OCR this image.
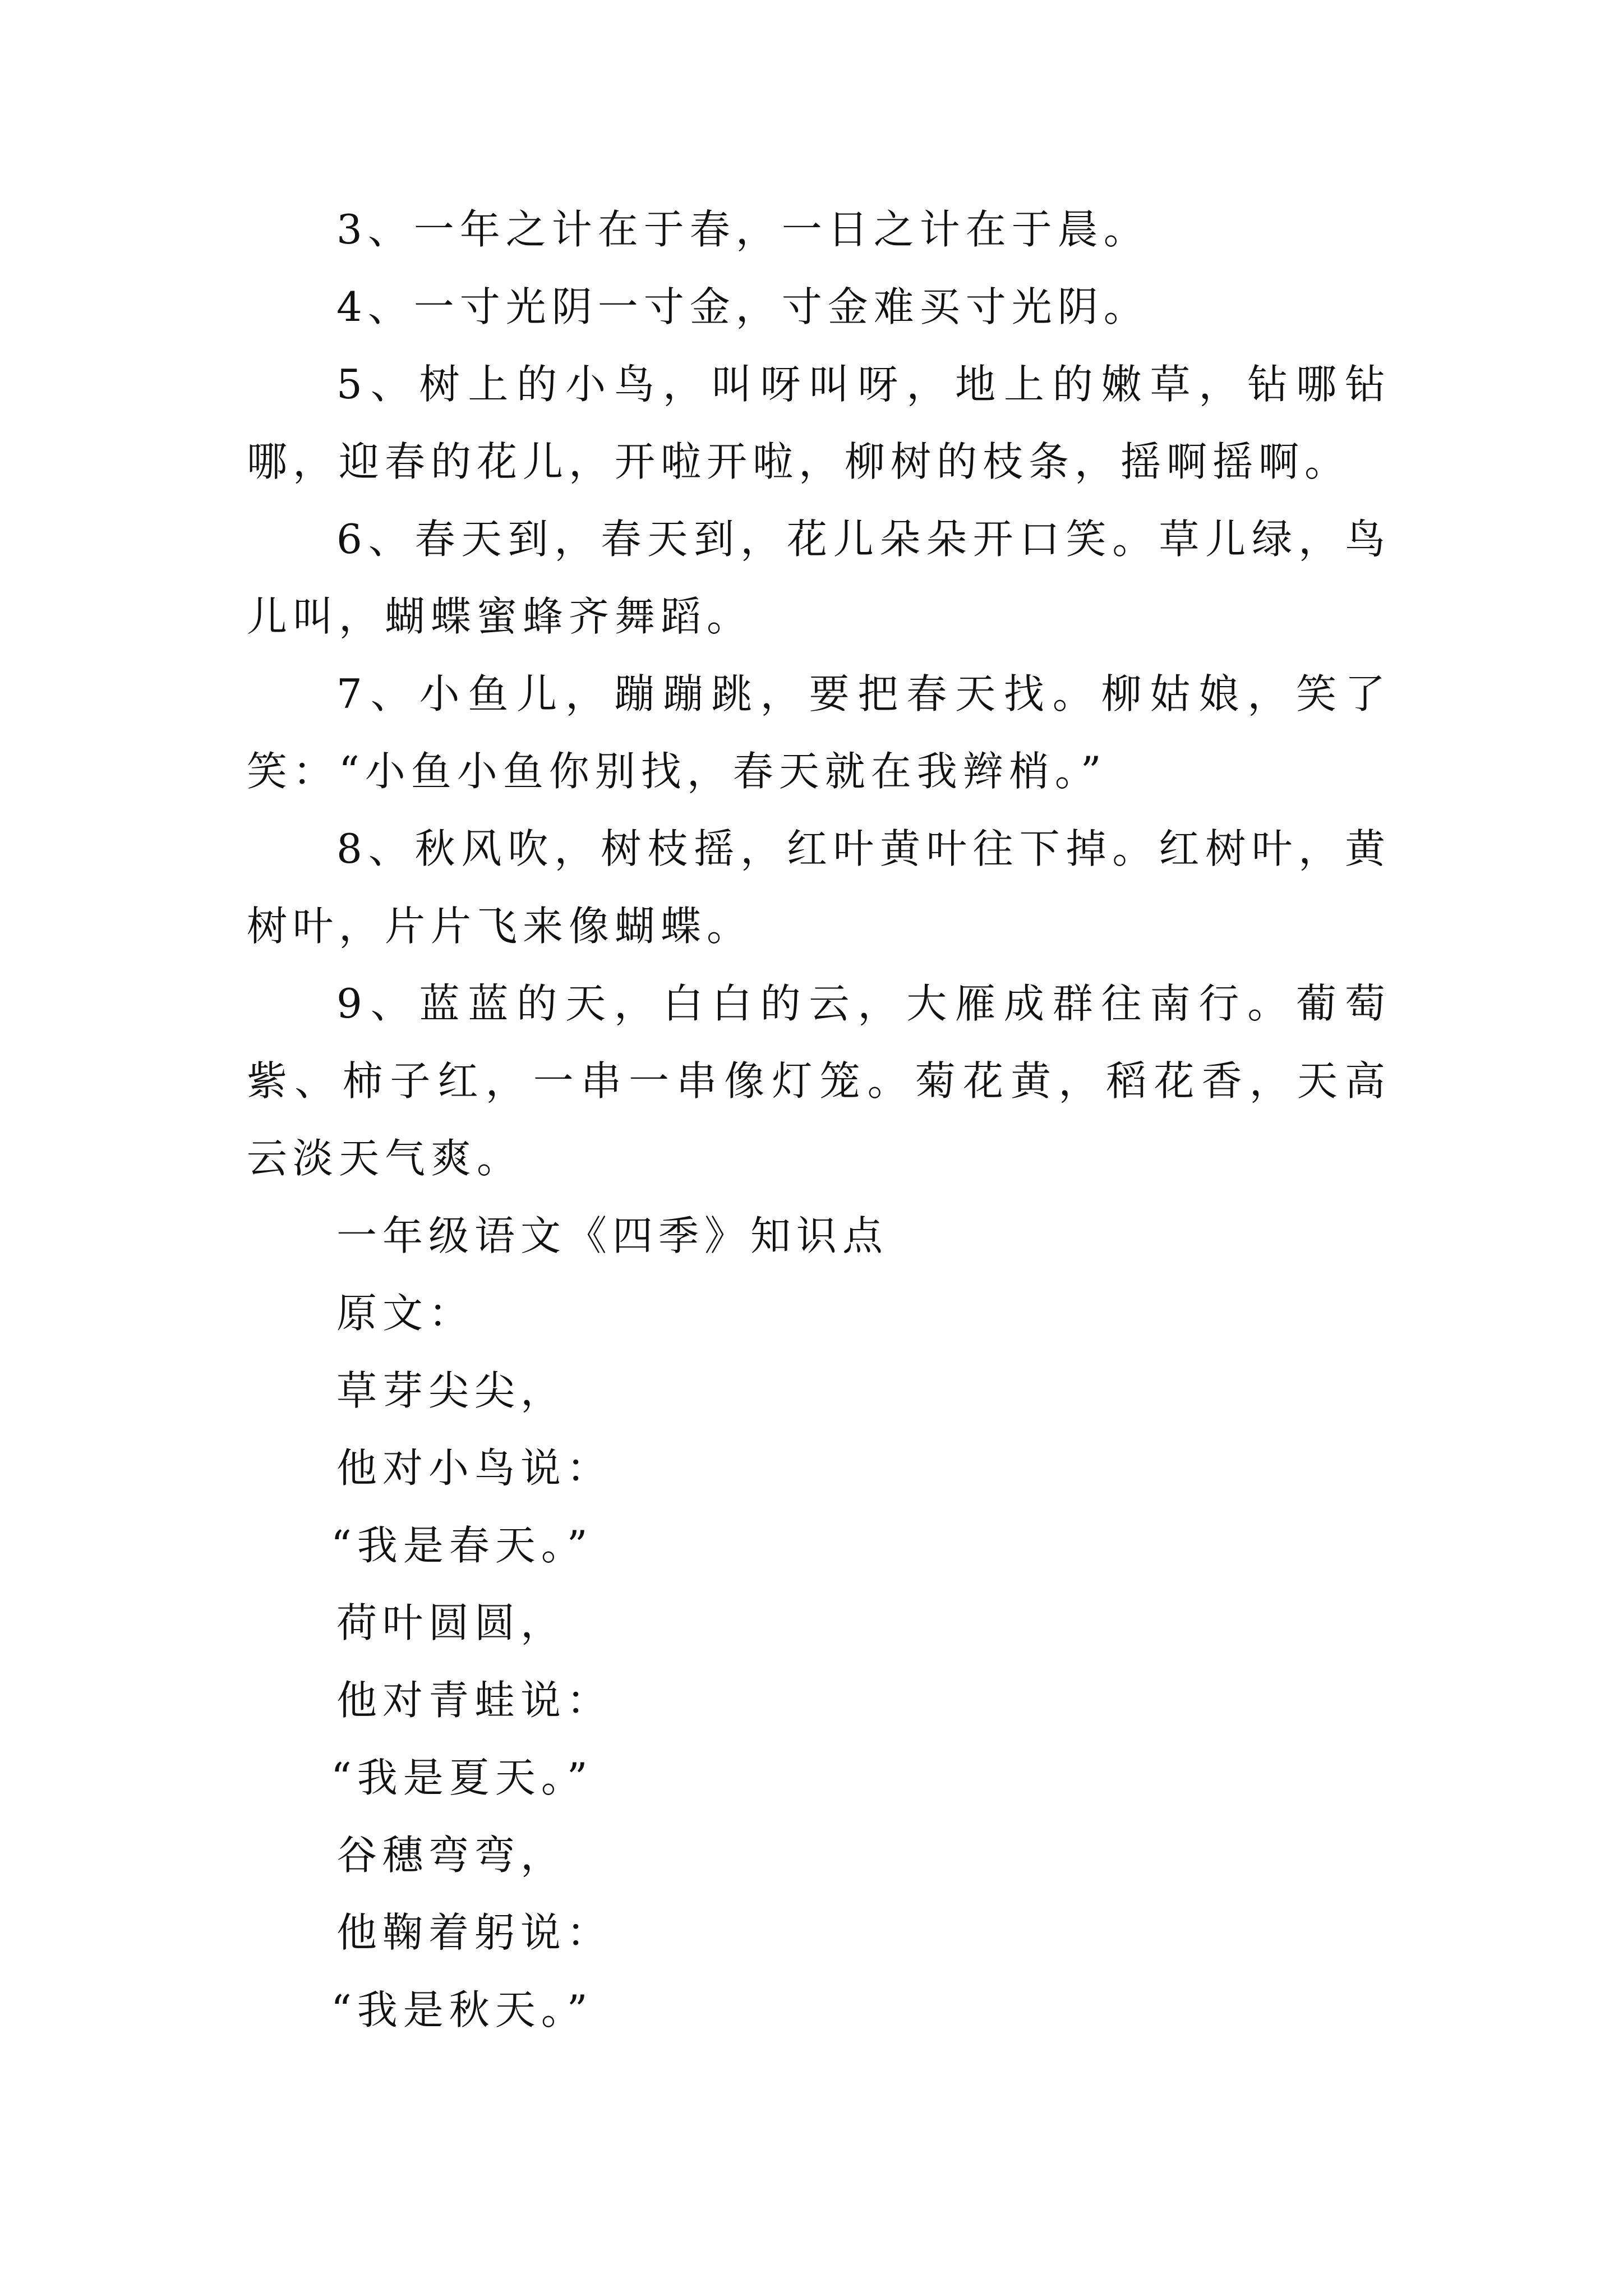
3、一年之计在于春，一日之计在于晨。

4、一寸光阴一寸金，寸金难买寸光阴。

5、树上的小鸟，叫呀叫呀，地上的嫩草，钻哪钻哪，迎春的花儿，开啦开啦，柳树的枝条，摇啊摇啊。

6、春天到，春天到，花儿朵朵开口笑。草儿绿，鸟儿叫，蝴蝶蜜蜂齐舞蹈。

7、小鱼儿，蹦蹦跳，要把春天找。柳姑娘，笑了笑：“小鱼小鱼你别找，春天就在我辫梢。”

8、秋风吹，树枝摇，红叶黄叶往下掉。红树叶，黄树叶，片片飞来像蝴蝶。

9、蓝蓝的天，白白的云，大雁成群往南行。葡萄紫、柿子红，一串一串像灯笼。菊花黄，稻花香，天高云淡天气爽。

一年级语文《四季》知识点

原文：

草芽尖尖，

他对小鸟说：

“我是春天。”

荷叶圆圆，

他对青蛙说：

“我是夏天。”

谷穗弯弯，

他鞠着躬说：

“我是秋天。”
